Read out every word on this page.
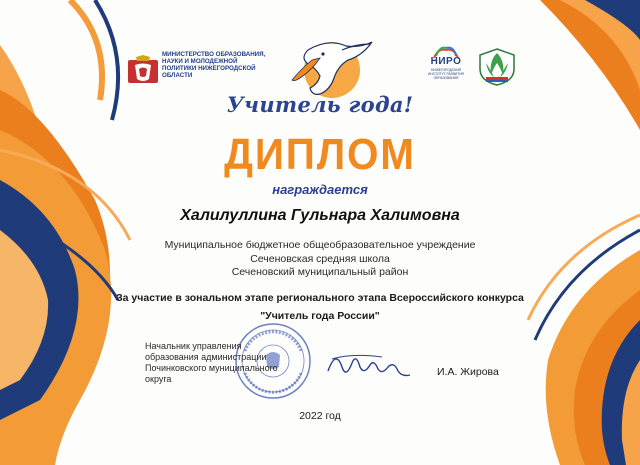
МИНИСТЕРСТВО ОБРАЗОВАНИЯ, НАУКИ И МОЛОДЕЖНОЙ ПОЛИТИКИ НИЖЕГОРОДСКОЙ ОБЛАСТИ
Учитель года!
НИРО
НИЖЕГОРОДСКИЙ ИНСТИТУТ РАЗВИТИЯ ОБРАЗОВАНИЯ
ДИПЛОМ
награждается
Халилуллина Гульнара Халимовна
Муниципальное бюджетное общеобразовательное учреждение
Сеченовская средняя школа
Сеченовский муниципальный район
За участие в зональном этапе регионального этапа Всероссийского конкурса
"Учитель года России"
Начальник управления образования администрации Починковского муниципального округа
И.А. Жирова
2022 год
